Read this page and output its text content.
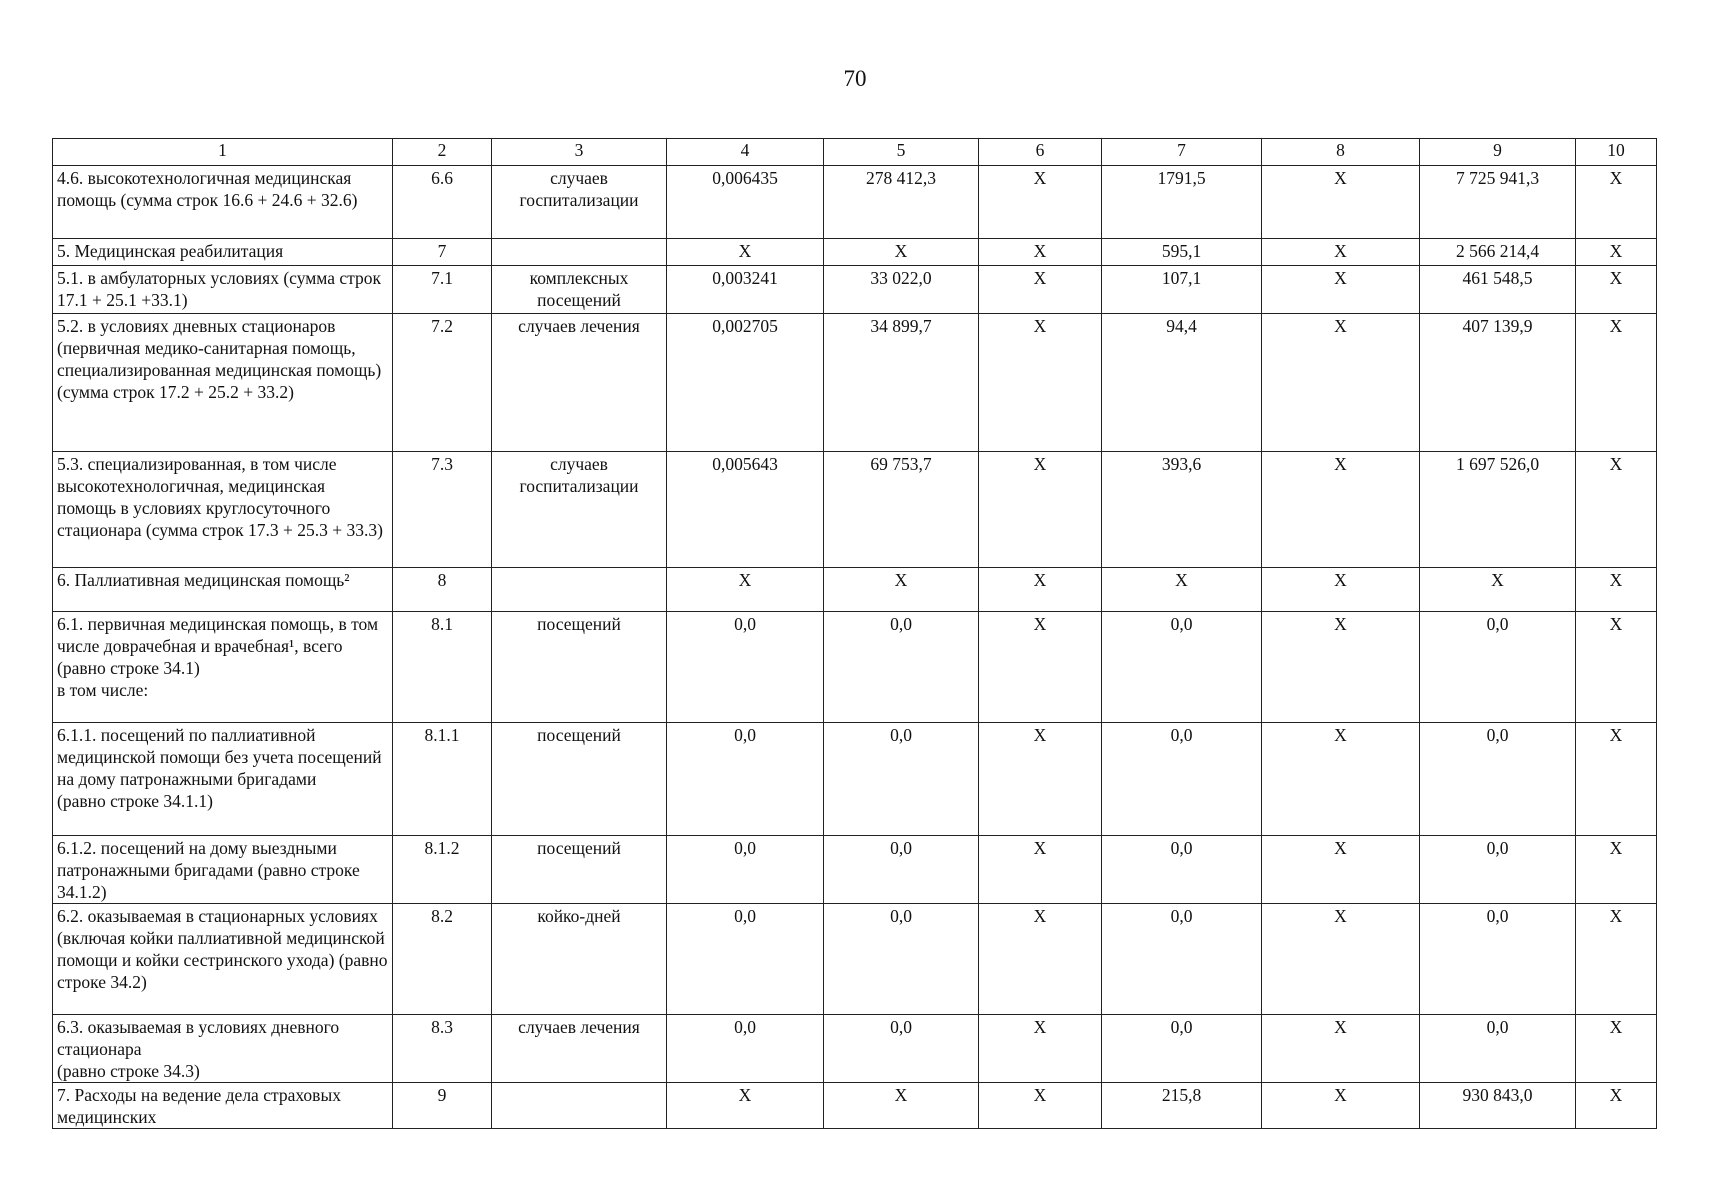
70
1	2	3	4	5	6	7	8	9	10
4.6. высокотехнологичная медицинская помощь (сумма строк 16.6 + 24.6 + 32.6)	6.6	случаев госпитализации	0,006435	278 412,3	X	1791,5	X	7 725 941,3	X
5. Медицинская реабилитация	7		X	X	X	595,1	X	2 566 214,4	X
5.1. в амбулаторных условиях (сумма строк 17.1 + 25.1 +33.1)	7.1	комплексных посещений	0,003241	33 022,0	X	107,1	X	461 548,5	X
5.2. в условиях дневных стационаров (первичная медико-санитарная помощь, специализированная медицинская помощь) (сумма строк 17.2 + 25.2 + 33.2)	7.2	случаев лечения	0,002705	34 899,7	X	94,4	X	407 139,9	X
5.3. специализированная, в том числе высокотехнологичная, медицинская помощь в условиях круглосуточного стационара (сумма строк 17.3 + 25.3 + 33.3)	7.3	случаев госпитализации	0,005643	69 753,7	X	393,6	X	1 697 526,0	X
6. Паллиативная медицинская помощь²	8		X	X	X	X	X	X	X
6.1. первичная медицинская помощь, в том числе доврачебная и врачебная¹, всего (равно строке 34.1)
в том числе:	8.1	посещений	0,0	0,0	X	0,0	X	0,0	X
6.1.1. посещений по паллиативной медицинской помощи без учета посещений на дому патронажными бригадами
(равно строке 34.1.1)	8.1.1	посещений	0,0	0,0	X	0,0	X	0,0	X
6.1.2. посещений на дому выездными патронажными бригадами (равно строке 34.1.2)	8.1.2	посещений	0,0	0,0	X	0,0	X	0,0	X
6.2. оказываемая в стационарных условиях (включая койки паллиативной медицинской помощи и койки сестринского ухода) (равно строке 34.2)	8.2	койко-дней	0,0	0,0	X	0,0	X	0,0	X
6.3. оказываемая в условиях дневного стационара
(равно строке 34.3)	8.3	случаев лечения	0,0	0,0	X	0,0	X	0,0	X
7. Расходы на ведение дела страховых медицинских	9		X	X	X	215,8	X	930 843,0	X
